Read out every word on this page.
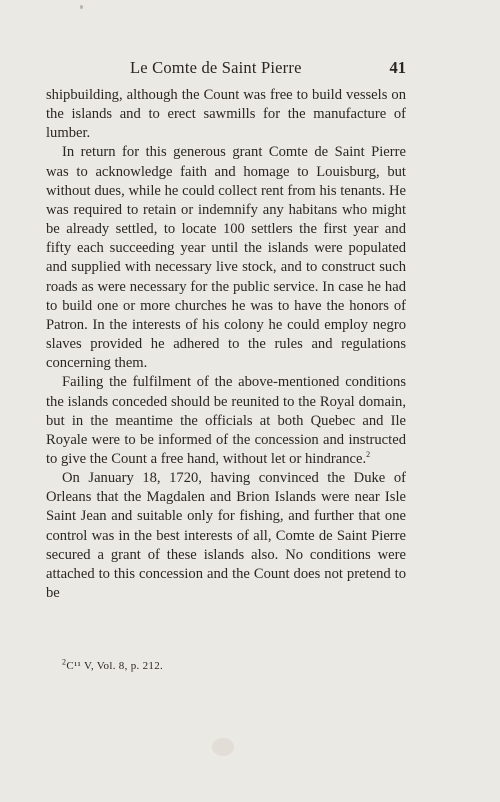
Le Comte de Saint Pierre	41

shipbuilding, although the Count was free to build vessels on the islands and to erect sawmills for the manufacture of lumber.

In return for this generous grant Comte de Saint Pierre was to acknowledge faith and homage to Louisburg, but without dues, while he could collect rent from his tenants. He was required to retain or indemnify any habitans who might be already settled, to locate 100 settlers the first year and fifty each succeeding year until the islands were populated and supplied with necessary live stock, and to construct such roads as were necessary for the public service. In case he had to build one or more churches he was to have the honors of Patron. In the interests of his colony he could employ negro slaves provided he adhered to the rules and regulations concerning them.

Failing the fulfilment of the above-mentioned conditions the islands conceded should be reunited to the Royal domain, but in the meantime the officials at both Quebec and Ile Royale were to be informed of the concession and instructed to give the Count a free hand, without let or hindrance.$^2$

On January 18, 1720, having convinced the Duke of Orleans that the Magdalen and Brion Islands were near Isle Saint Jean and suitable only for fishing, and further that one control was in the best interests of all, Comte de Saint Pierre secured a grant of these islands also. No conditions were attached to this concession and the Count does not pretend to be

$^2$C¹¹ V, Vol. 8, p. 212.
